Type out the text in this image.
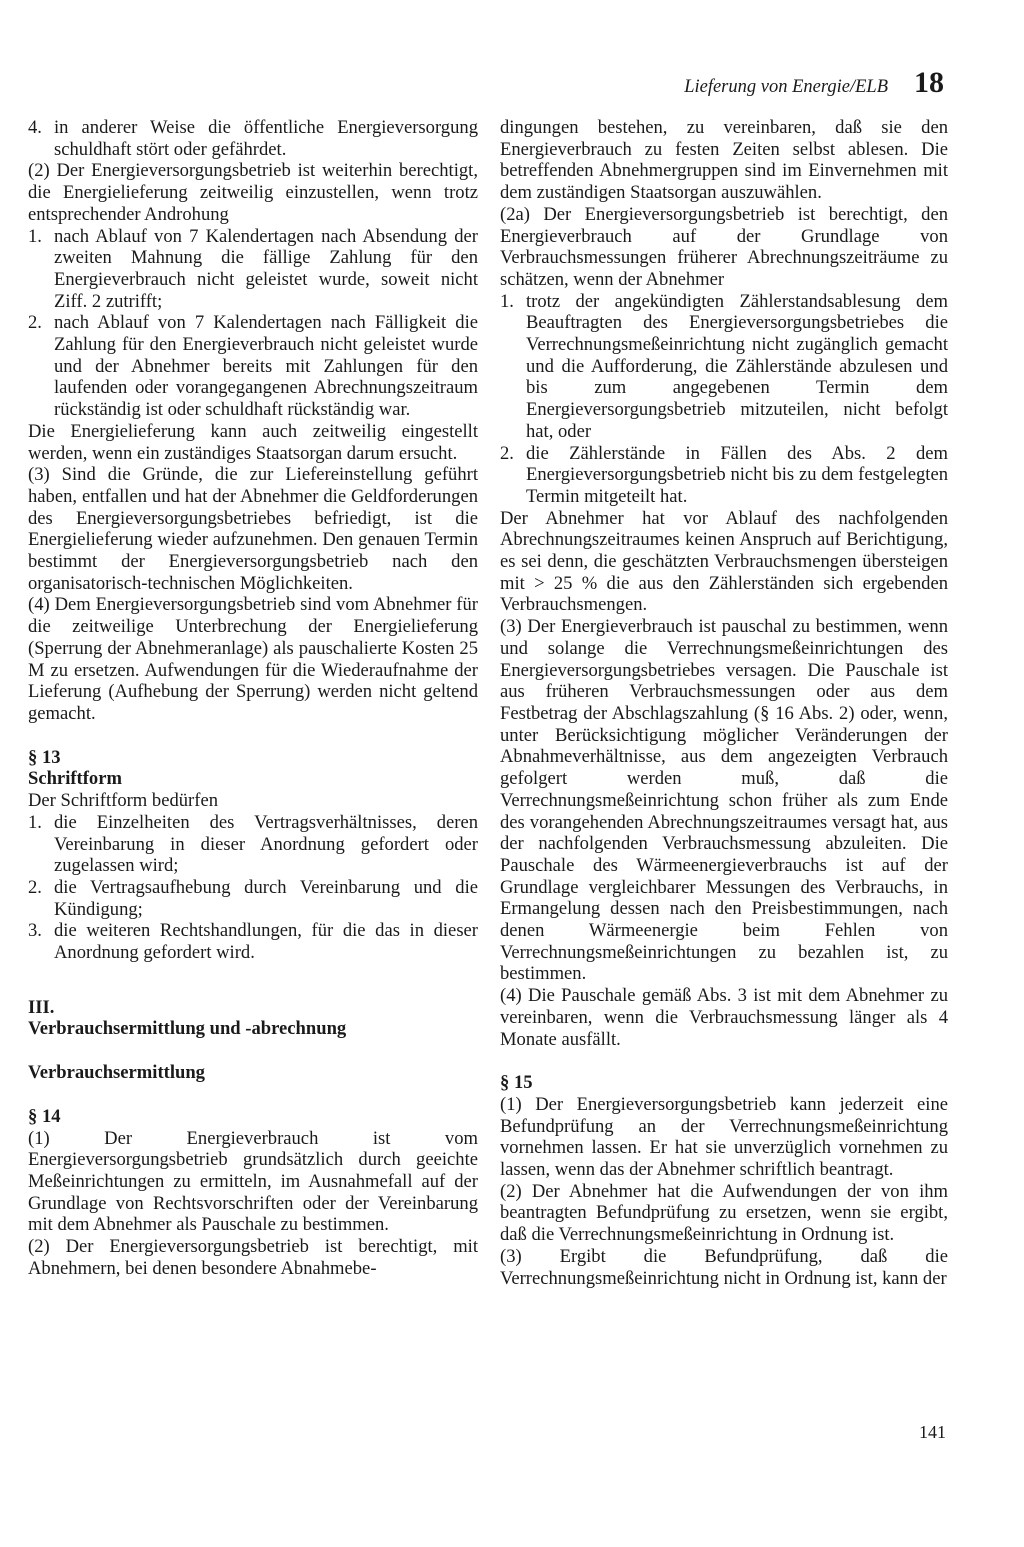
Lieferung von Energie/ELB 18
4. in anderer Weise die öffentliche Energieversorgung schuldhaft stört oder gefährdet.

(2) Der Energieversorgungsbetrieb ist weiterhin berechtigt, die Energielieferung zeitweilig einzustellen, wenn trotz entsprechender Androhung

1. nach Ablauf von 7 Kalendertagen nach Absendung der zweiten Mahnung die fällige Zahlung für den Energieverbrauch nicht geleistet wurde, soweit nicht Ziff. 2 zutrifft;
2. nach Ablauf von 7 Kalendertagen nach Fälligkeit die Zahlung für den Energieverbrauch nicht geleistet wurde und der Abnehmer bereits mit Zahlungen für den laufenden oder vorangegangenen Abrechnungszeitraum rückständig ist oder schuldhaft rückständig war.

Die Energielieferung kann auch zeitweilig eingestellt werden, wenn ein zuständiges Staatsorgan darum ersucht.

(3) Sind die Gründe, die zur Liefereinstellung geführt haben, entfallen und hat der Abnehmer die Geldforderungen des Energieversorgungsbetriebes befriedigt, ist die Energielieferung wieder aufzunehmen. Den genauen Termin bestimmt der Energieversorgungsbetrieb nach den organisatorisch-technischen Möglichkeiten.

(4) Dem Energieversorgungsbetrieb sind vom Abnehmer für die zeitweilige Unterbrechung der Energielieferung (Sperrung der Abnehmeranlage) als pauschalierte Kosten 25 M zu ersetzen. Aufwendungen für die Wiederaufnahme der Lieferung (Aufhebung der Sperrung) werden nicht geltend gemacht.

§ 13

Schriftform

Der Schriftform bedürfen

1. die Einzelheiten des Vertragsverhältnisses, deren Vereinbarung in dieser Anordnung gefordert oder zugelassen wird;
2. die Vertragsaufhebung durch Vereinbarung und die Kündigung;
3. die weiteren Rechtshandlungen, für die das in dieser Anordnung gefordert wird.

III.

Verbrauchsermittlung und -abrechnung

Verbrauchsermittlung

§ 14

(1) Der Energieverbrauch ist vom Energieversorgungsbetrieb grundsätzlich durch geeichte Meßeinrichtungen zu ermitteln, im Ausnahmefall auf der Grundlage von Rechtsvorschriften oder der Vereinbarung mit dem Abnehmer als Pauschale zu bestimmen.

(2) Der Energieversorgungsbetrieb ist berechtigt, mit Abnehmern, bei denen besondere Abnahmebe-

dingungen bestehen, zu vereinbaren, daß sie den Energieverbrauch zu festen Zeiten selbst ablesen. Die betreffenden Abnehmergruppen sind im Einvernehmen mit dem zuständigen Staatsorgan auszuwählen.

(2a) Der Energieversorgungsbetrieb ist berechtigt, den Energieverbrauch auf der Grundlage von Verbrauchsmessungen früherer Abrechnungszeiträume zu schätzen, wenn der Abnehmer

1. trotz der angekündigten Zählerstandsablesung dem Beauftragten des Energieversorgungsbetriebes die Verrechnungsmeßeinrichtung nicht zugänglich gemacht und die Aufforderung, die Zählerstände abzulesen und bis zum angegebenen Termin dem Energieversorgungsbetrieb mitzuteilen, nicht befolgt hat, oder
2. die Zählerstände in Fällen des Abs. 2 dem Energieversorgungsbetrieb nicht bis zu dem festgelegten Termin mitgeteilt hat.

Der Abnehmer hat vor Ablauf des nachfolgenden Abrechnungszeitraumes keinen Anspruch auf Berichtigung, es sei denn, die geschätzten Verbrauchsmengen übersteigen mit > 25 % die aus den Zählerständen sich ergebenden Verbrauchsmengen.

(3) Der Energieverbrauch ist pauschal zu bestimmen, wenn und solange die Verrechnungsmeßeinrichtungen des Energieversorgungsbetriebes versagen. Die Pauschale ist aus früheren Verbrauchsmessungen oder aus dem Festbetrag der Abschlagszahlung (§ 16 Abs. 2) oder, wenn, unter Berücksichtigung möglicher Veränderungen der Abnahmeverhältnisse, aus dem angezeigten Verbrauch gefolgert werden muß, daß die Verrechnungsmeßeinrichtung schon früher als zum Ende des vorangehenden Abrechnungszeitraumes versagt hat, aus der nachfolgenden Verbrauchsmessung abzuleiten. Die Pauschale des Wärmeenergieverbrauchs ist auf der Grundlage vergleichbarer Messungen des Verbrauchs, in Ermangelung dessen nach den Preisbestimmungen, nach denen Wärmeenergie beim Fehlen von Verrechnungsmeßeinrichtungen zu bezahlen ist, zu bestimmen.

(4) Die Pauschale gemäß Abs. 3 ist mit dem Abnehmer zu vereinbaren, wenn die Verbrauchsmessung länger als 4 Monate ausfällt.

§ 15

(1) Der Energieversorgungsbetrieb kann jederzeit eine Befundprüfung an der Verrechnungsmeßeinrichtung vornehmen lassen. Er hat sie unverzüglich vornehmen zu lassen, wenn das der Abnehmer schriftlich beantragt.

(2) Der Abnehmer hat die Aufwendungen der von ihm beantragten Befundprüfung zu ersetzen, wenn sie ergibt, daß die Verrechnungsmeßeinrichtung in Ordnung ist.

(3) Ergibt die Befundprüfung, daß die Verrechnungsmeßeinrichtung nicht in Ordnung ist, kann der

141
